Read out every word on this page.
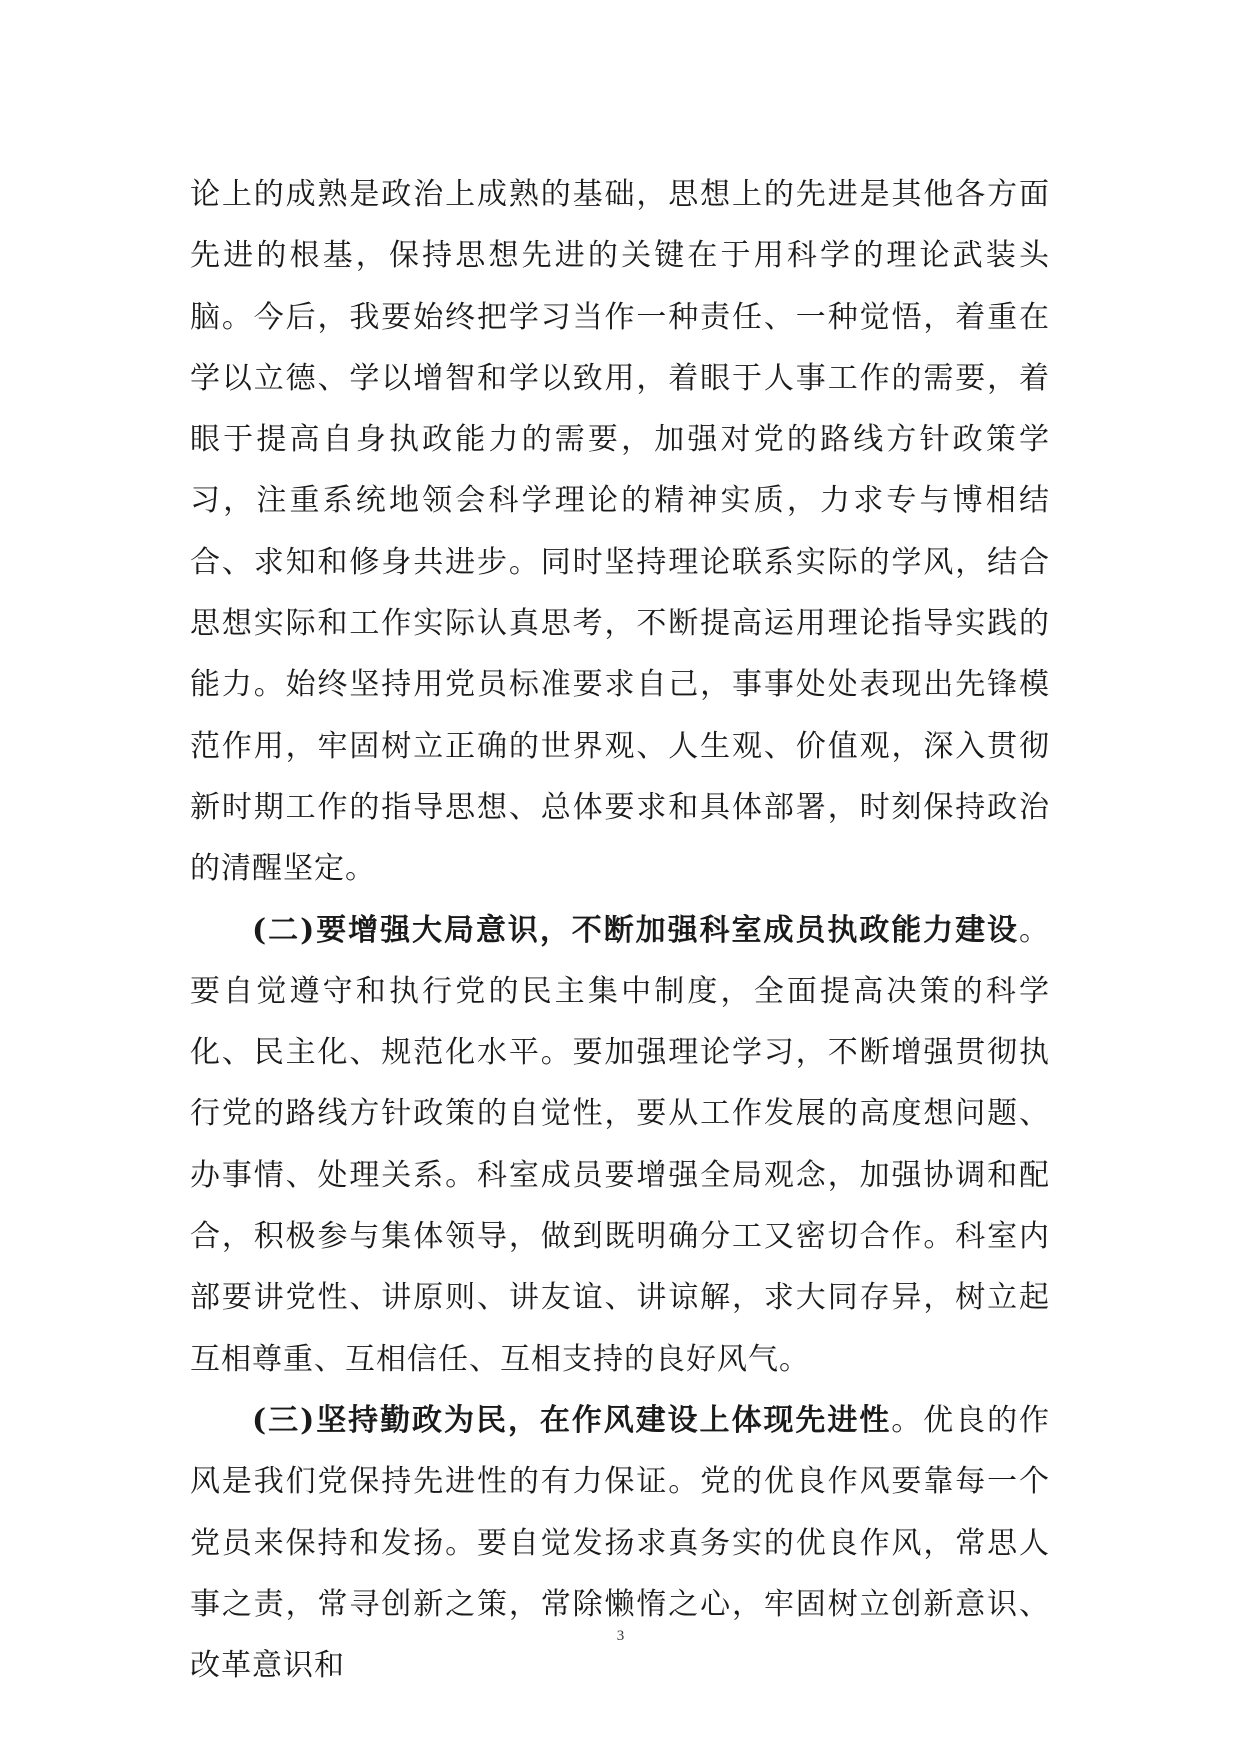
论上的成熟是政治上成熟的基础，思想上的先进是其他各方面先进的根基，保持思想先进的关键在于用科学的理论武装头脑。今后，我要始终把学习当作一种责任、一种觉悟，着重在学以立德、学以增智和学以致用，着眼于人事工作的需要，着眼于提高自身执政能力的需要，加强对党的路线方针政策学习，注重系统地领会科学理论的精神实质，力求专与博相结合、求知和修身共进步。同时坚持理论联系实际的学风，结合思想实际和工作实际认真思考，不断提高运用理论指导实践的能力。始终坚持用党员标准要求自己，事事处处表现出先锋模范作用，牢固树立正确的世界观、人生观、价值观，深入贯彻新时期工作的指导思想、总体要求和具体部署，时刻保持政治的清醒坚定。

(二)要增强大局意识，不断加强科室成员执政能力建设。要自觉遵守和执行党的民主集中制度，全面提高决策的科学化、民主化、规范化水平。要加强理论学习，不断增强贯彻执行党的路线方针政策的自觉性，要从工作发展的高度想问题、办事情、处理关系。科室成员要增强全局观念，加强协调和配合，积极参与集体领导，做到既明确分工又密切合作。科室内部要讲党性、讲原则、讲友谊、讲谅解，求大同存异，树立起互相尊重、互相信任、互相支持的良好风气。

(三)坚持勤政为民，在作风建设上体现先进性。优良的作风是我们党保持先进性的有力保证。党的优良作风要靠每一个党员来保持和发扬。要自觉发扬求真务实的优良作风，常思人事之责，常寻创新之策，常除懒惰之心，牢固树立创新意识、改革意识和

3
